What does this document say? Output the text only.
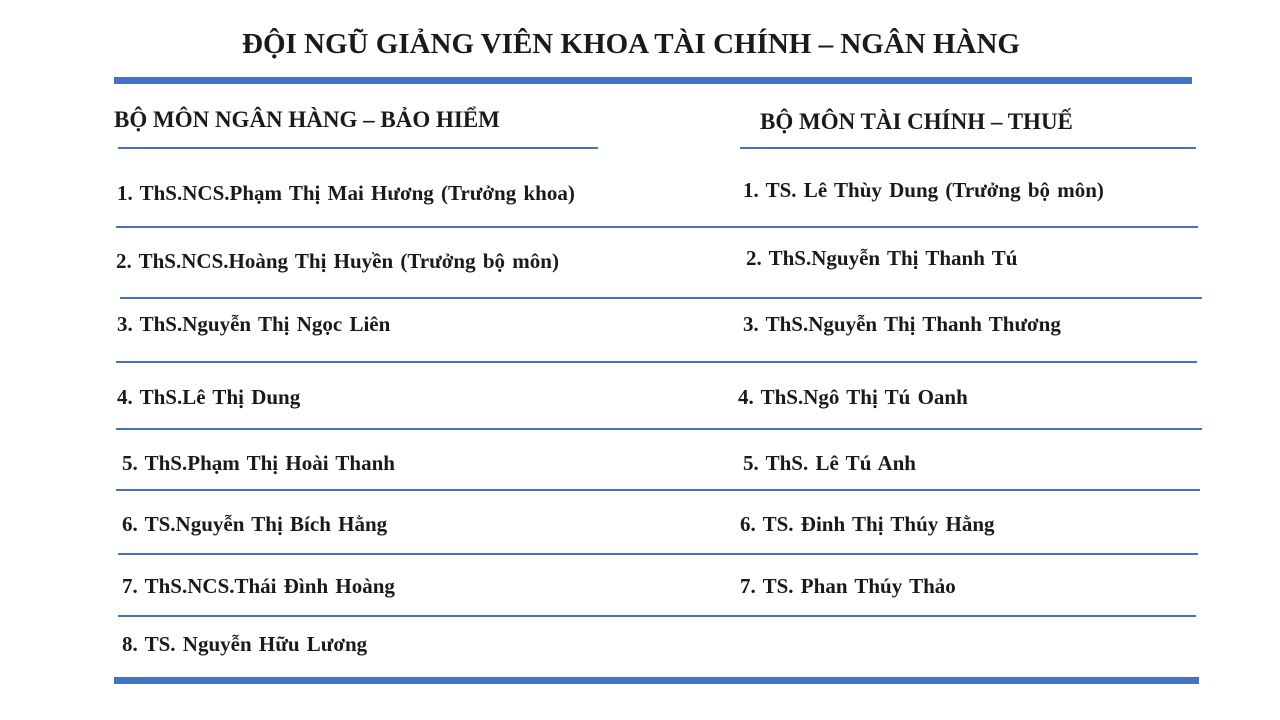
ĐỘI NGŨ GIẢNG VIÊN KHOA TÀI CHÍNH – NGÂN HÀNG
BỘ MÔN NGÂN HÀNG – BẢO HIỂM	BỘ MÔN TÀI CHÍNH – THUẾ
1. ThS.NCS.Phạm Thị Mai Hương (Trưởng khoa)
2. ThS.NCS.Hoàng Thị Huyền (Trưởng bộ môn)
3. ThS.Nguyễn Thị Ngọc Liên
4. ThS.Lê Thị Dung
5. ThS.Phạm Thị Hoài Thanh
6. TS.Nguyễn Thị Bích Hằng
7. ThS.NCS.Thái Đình Hoàng
8. TS. Nguyễn Hữu Lương
1. TS. Lê Thùy Dung (Trưởng bộ môn)
2. ThS.Nguyễn Thị Thanh Tú
3. ThS.Nguyễn Thị Thanh Thương
4. ThS.Ngô Thị Tú Oanh
5. ThS. Lê Tú Anh
6. TS. Đinh Thị Thúy Hằng
7. TS. Phan Thúy Thảo
